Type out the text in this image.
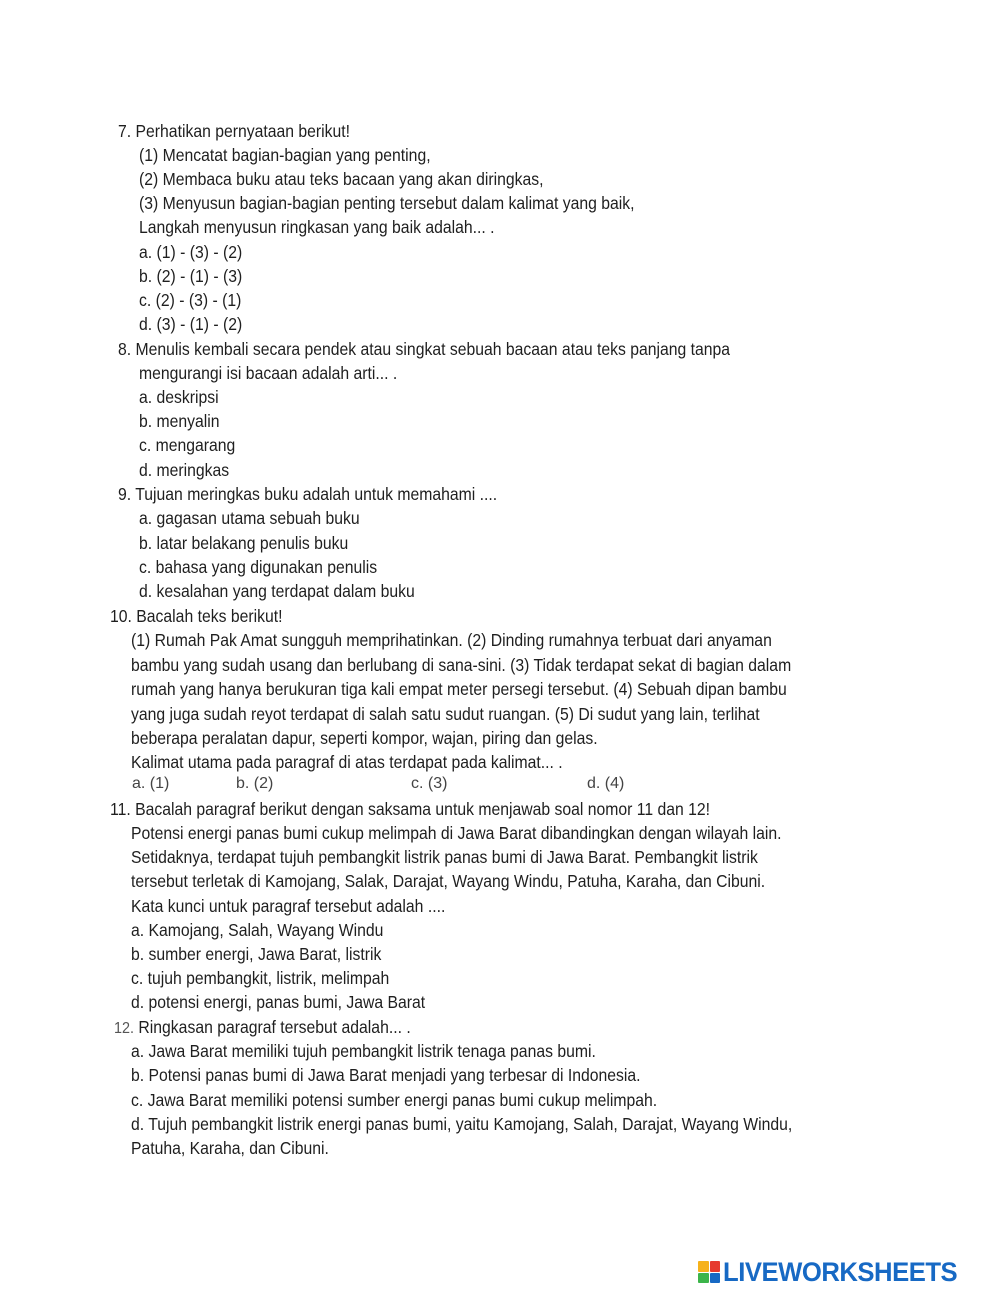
7. Perhatikan pernyataan berikut!
(1) Mencatat bagian-bagian yang penting,
(2) Membaca buku atau teks bacaan yang akan diringkas,
(3) Menyusun bagian-bagian penting tersebut dalam kalimat yang baik,
Langkah menyusun ringkasan yang baik adalah... .
a. (1) - (3) - (2)
b. (2) - (1) - (3)
c. (2) - (3) - (1)
d. (3) - (1) - (2)
8. Menulis kembali secara pendek atau singkat sebuah bacaan atau teks panjang tanpa
mengurangi isi bacaan adalah arti... .
a. deskripsi
b. menyalin
c. mengarang
d. meringkas
9. Tujuan meringkas buku adalah untuk memahami ....
a. gagasan utama sebuah buku
b. latar belakang penulis buku
c. bahasa yang digunakan penulis
d. kesalahan yang terdapat dalam buku
10. Bacalah teks berikut!
(1) Rumah Pak Amat sungguh memprihatinkan. (2) Dinding rumahnya terbuat dari anyaman
bambu yang sudah usang dan berlubang di sana-sini. (3) Tidak terdapat sekat di bagian dalam
rumah yang hanya berukuran tiga kali empat meter persegi tersebut. (4) Sebuah dipan bambu
yang juga sudah reyot terdapat di salah satu sudut ruangan. (5) Di sudut yang lain, terlihat
beberapa peralatan dapur, seperti kompor, wajan, piring dan gelas.
Kalimat utama pada paragraf di atas terdapat pada kalimat... .
a. (1)	b. (2)	c. (3)	d. (4)
11. Bacalah paragraf berikut dengan saksama untuk menjawab soal nomor 11 dan 12!
Potensi energi panas bumi cukup melimpah di Jawa Barat dibandingkan dengan wilayah lain.
Setidaknya, terdapat tujuh pembangkit listrik panas bumi di Jawa Barat. Pembangkit listrik
tersebut terletak di Kamojang, Salak, Darajat, Wayang Windu, Patuha, Karaha, dan Cibuni.
Kata kunci untuk paragraf tersebut adalah ....
a. Kamojang, Salah, Wayang Windu
b. sumber energi, Jawa Barat, listrik
c. tujuh pembangkit, listrik, melimpah
d. potensi energi, panas bumi, Jawa Barat
12. Ringkasan paragraf tersebut adalah... .
a. Jawa Barat memiliki tujuh pembangkit listrik tenaga panas bumi.
b. Potensi panas bumi di Jawa Barat menjadi yang terbesar di Indonesia.
c. Jawa Barat memiliki potensi sumber energi panas bumi cukup melimpah.
d. Tujuh pembangkit listrik energi panas bumi, yaitu Kamojang, Salah, Darajat, Wayang Windu,
Patuha, Karaha, dan Cibuni.
LIVEWORKSHEETS
